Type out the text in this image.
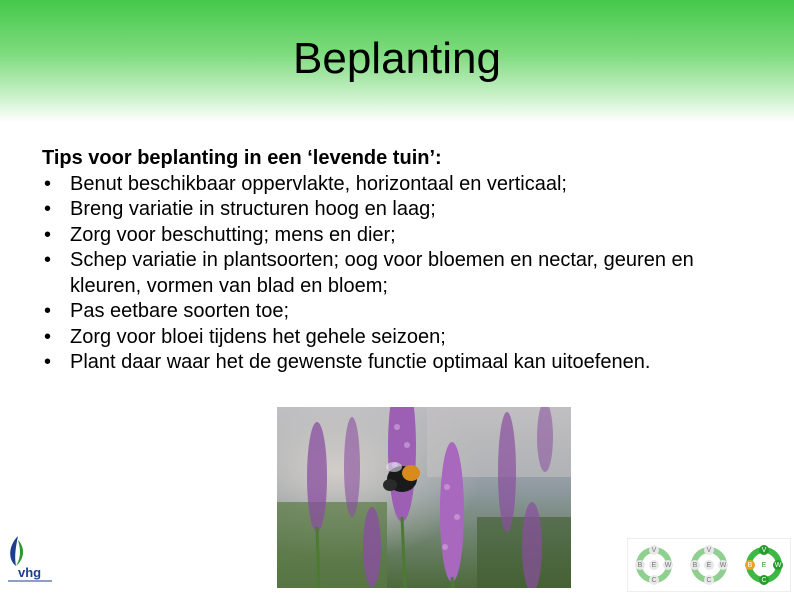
Beplanting
Tips voor beplanting in een ‘levende tuin’:
• Benut beschikbaar oppervlakte, horizontaal en verticaal;
• Breng variatie in structuren hoog en laag;
• Zorg voor beschutting; mens en dier;
• Schep variatie in plantsoorten; oog voor bloemen en nectar, geuren en kleuren, vormen van blad en bloem;
• Pas eetbare soorten toe;
• Zorg voor bloei tijdens het gehele seizoen;
• Plant daar waar het de gewenste functie optimaal kan uitoefenen.
vhg
V
B E W
C
V
B E W
C
V
B E W
C
